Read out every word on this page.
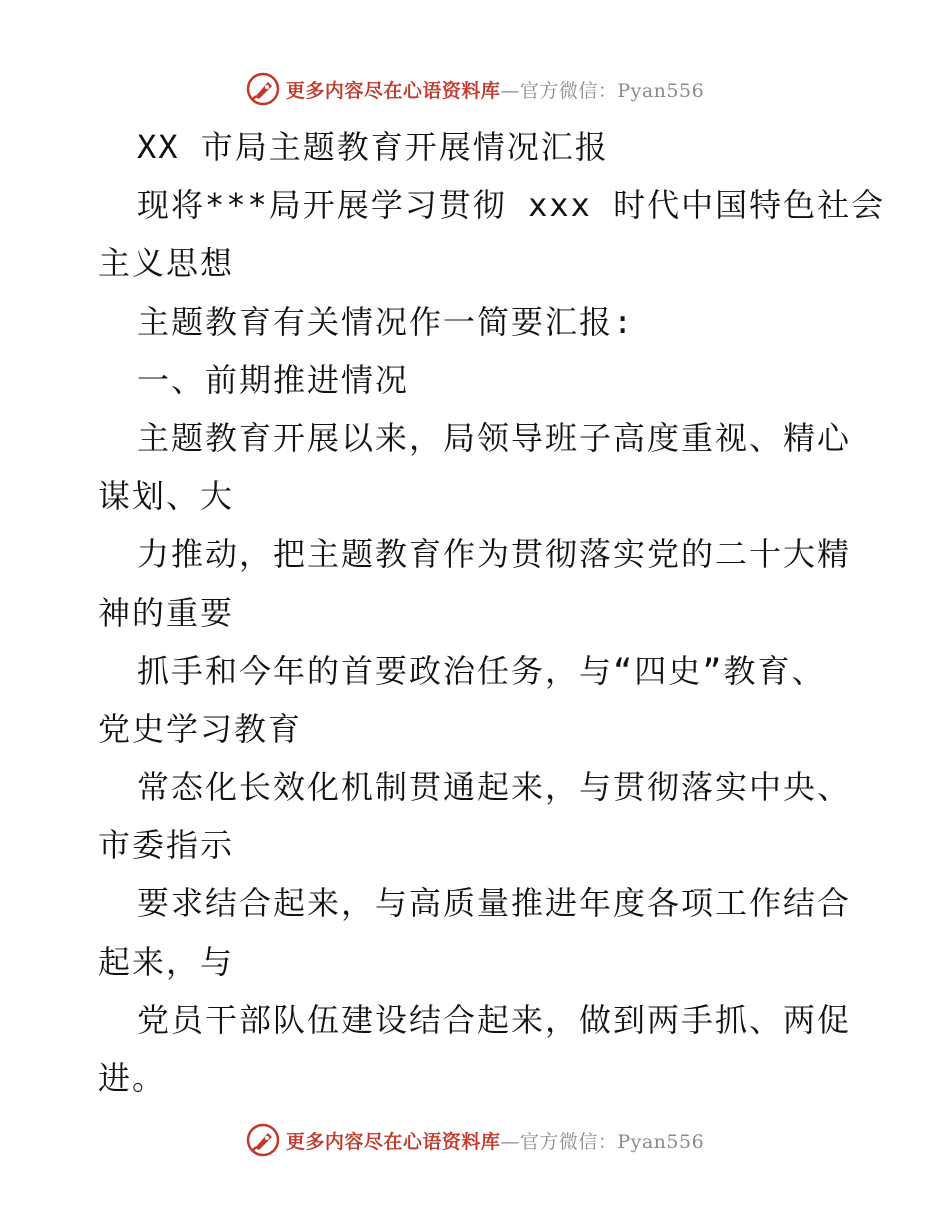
更多内容尽在心语资料库—官方微信：Pyan556
XX 市局主题教育开展情况汇报
现将***局开展学习贯彻 xxx 时代中国特色社会
主义思想
主题教育有关情况作一简要汇报:
一、前期推进情况
主题教育开展以来，局领导班子高度重视、精心
谋划、大
力推动，把主题教育作为贯彻落实党的二十大精
神的重要
抓手和今年的首要政治任务，与“四史”教育、
党史学习教育
常态化长效化机制贯通起来，与贯彻落实中央、
市委指示
要求结合起来，与高质量推进年度各项工作结合
起来，与
党员干部队伍建设结合起来，做到两手抓、两促
进。
更多内容尽在心语资料库—官方微信：Pyan556
